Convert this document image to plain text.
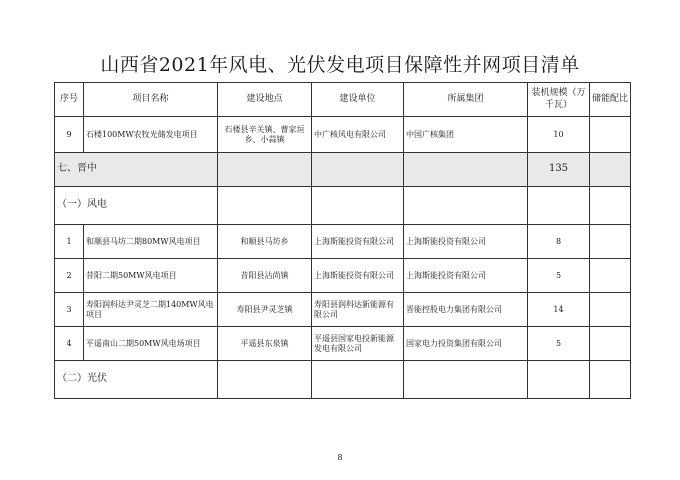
山西省2021年风电、光伏发电项目保障性并网项目清单
序号	项目名称	建设地点	建设单位	所属集团	装机规模（万千瓦）	储能配比
9	石楼100MW农牧光储发电项目	石楼县辛关镇、曹家垣乡、小蒜镇	中广核风电有限公司	中国广核集团	10	
七、晋中					135	
（一）风电						
1	和顺县马坊二期80MW风电项目	和顺县马坊乡	上海斯能投资有限公司	上海斯能投资有限公司	8	
2	昔阳二期50MW风电项目	昔阳县沾尚镇	上海斯能投资有限公司	上海斯能投资有限公司	5	
3	寿阳润科达尹灵芝二期140MW风电项目	寿阳县尹灵芝镇	寿阳县润科达新能源有限公司	晋能控股电力集团有限公司	14	
4	平遥南山二期50MW风电场项目	平遥县东泉镇	平遥县国家电投新能源发电有限公司	国家电力投资集团有限公司	5	
（二）光伏						
8
